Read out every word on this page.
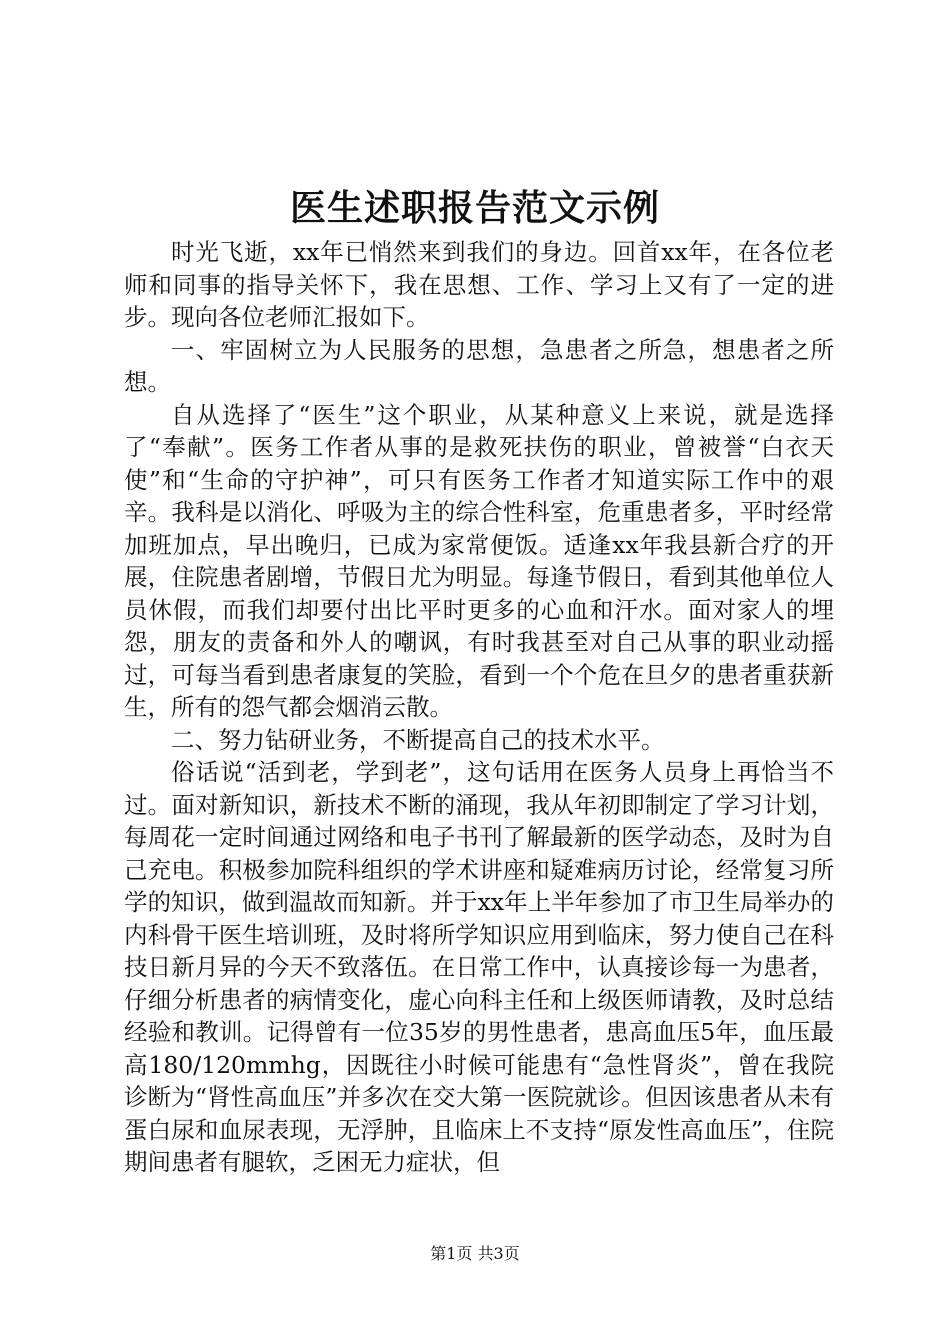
医生述职报告范文示例

时光飞逝，xx年已悄然来到我们的身边。回首xx年，在各位老师和同事的指导关怀下，我在思想、工作、学习上又有了一定的进步。现向各位老师汇报如下。

一、牢固树立为人民服务的思想，急患者之所急，想患者之所想。

自从选择了“医生”这个职业，从某种意义上来说，就是选择了“奉献”。医务工作者从事的是救死扶伤的职业，曾被誉“白衣天使”和“生命的守护神”，可只有医务工作者才知道实际工作中的艰辛。我科是以消化、呼吸为主的综合性科室，危重患者多，平时经常加班加点，早出晚归，已成为家常便饭。适逢xx年我县新合疗的开展，住院患者剧增，节假日尤为明显。每逢节假日，看到其他单位人员休假，而我们却要付出比平时更多的心血和汗水。面对家人的埋怨，朋友的责备和外人的嘲讽，有时我甚至对自己从事的职业动摇过，可每当看到患者康复的笑脸，看到一个个危在旦夕的患者重获新生，所有的怨气都会烟消云散。

二、努力钻研业务，不断提高自己的技术水平。

俗话说“活到老，学到老”，这句话用在医务人员身上再恰当不过。面对新知识，新技术不断的涌现，我从年初即制定了学习计划，每周花一定时间通过网络和电子书刊了解最新的医学动态，及时为自己充电。积极参加院科组织的学术讲座和疑难病历讨论，经常复习所学的知识，做到温故而知新。并于xx年上半年参加了市卫生局举办的内科骨干医生培训班，及时将所学知识应用到临床，努力使自己在科技日新月异的今天不致落伍。在日常工作中，认真接诊每一为患者，仔细分析患者的病情变化，虚心向科主任和上级医师请教，及时总结经验和教训。记得曾有一位35岁的男性患者，患高血压5年，血压最高180/120mmhg，因既往小时候可能患有“急性肾炎”，曾在我院诊断为“肾性高血压”并多次在交大第一医院就诊。但因该患者从未有蛋白尿和血尿表现，无浮肿，且临床上不支持“原发性高血压”，住院期间患者有腿软，乏困无力症状，但

第1页 共3页
